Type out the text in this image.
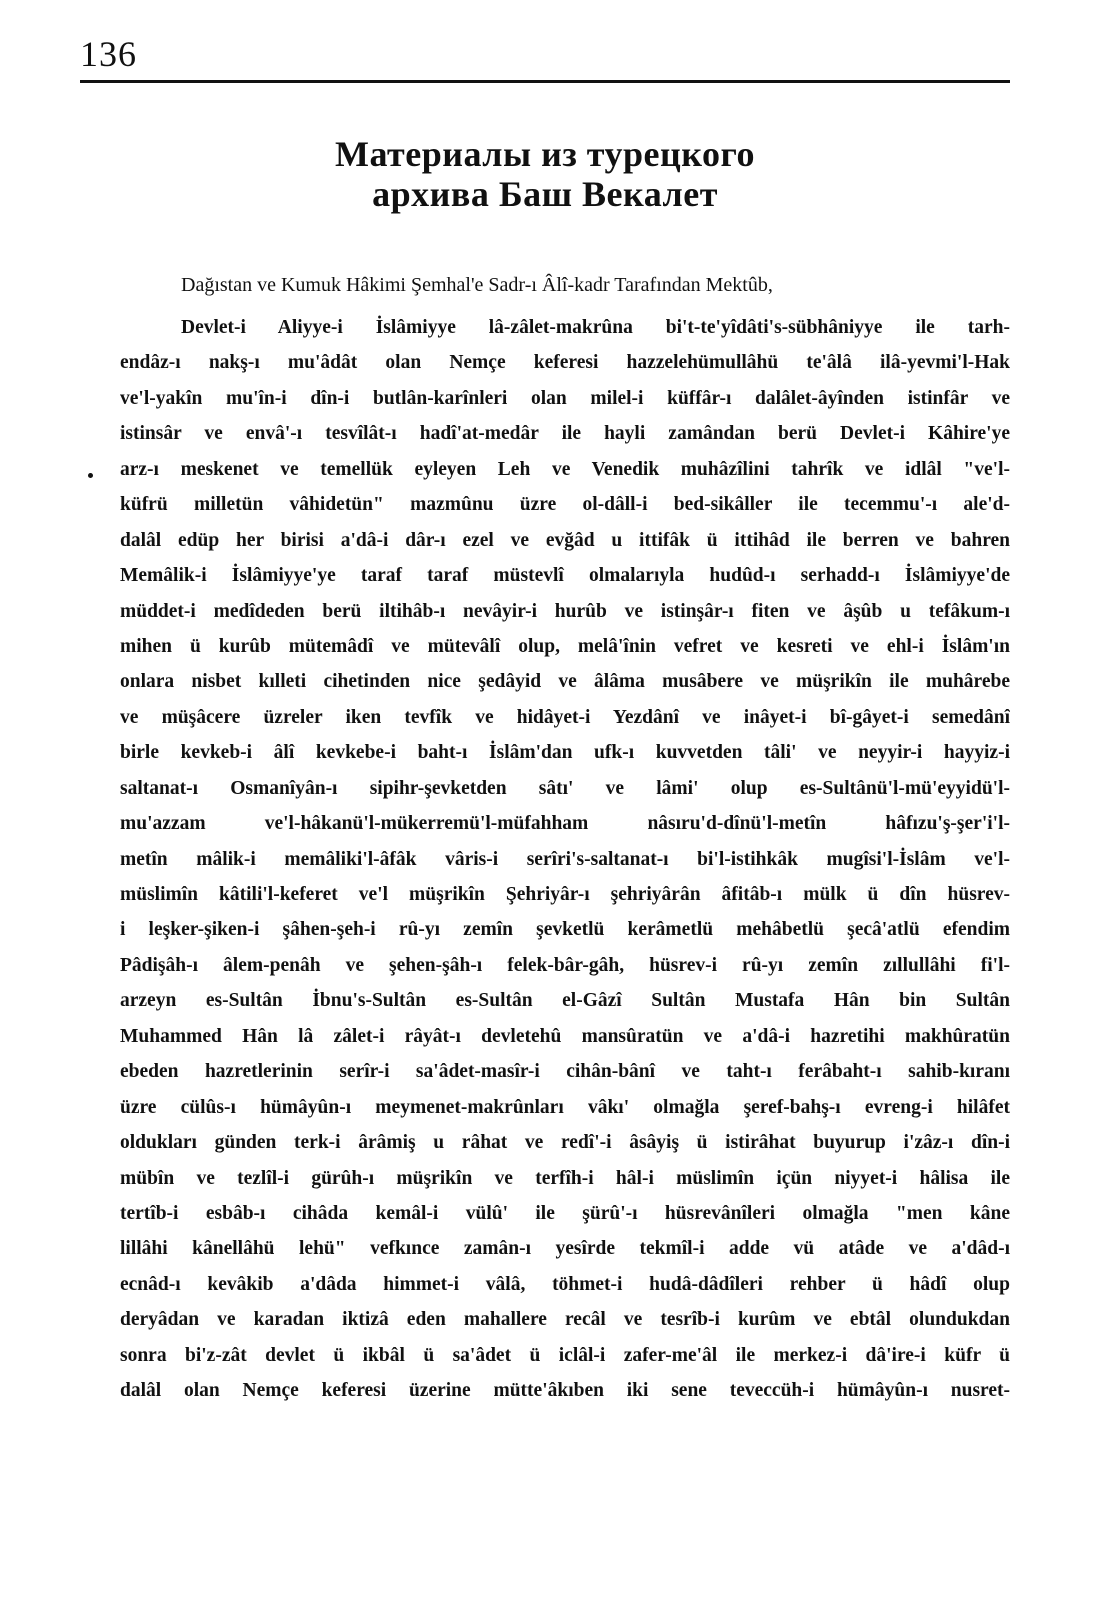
136
Материалы из турецкого
архива Баш Векалет
Dağıstan ve Kumuk Hâkimi Şemhal'e Sadr-ı Âlî-kadr Tarafından Mektûb,
Devlet-i Aliyye-i İslâmiyye lâ-zâlet-makrûna bi't-te'yîdâti's-sübhâniyye ile tarh-
endâz-ı nakş-ı mu'âdât olan Nemçe keferesi hazzelehümullâhü te'âlâ ilâ-yevmi'l-Hak
ve'l-yakîn mu'în-i dîn-i butlân-karînleri olan milel-i küffâr-ı dalâlet-âyînden istinfâr ve
istinsâr ve envâ'-ı tesvîlât-ı hadî'at-medâr ile hayli zamândan berü Devlet-i Kâhire'ye
arz-ı meskenet ve temellük eyleyen Leh ve Venedik muhâzîlini tahrîk ve idlâl "ve'l-
küfrü milletün vâhidetün" mazmûnu üzre ol-dâll-i bed-sikâller ile tecemmu'-ı ale'd-
dalâl edüp her birisi a'dâ-i dâr-ı ezel ve evğâd u ittifâk ü ittihâd ile berren ve bahren
Memâlik-i İslâmiyye'ye taraf taraf müstevlî olmalarıyla hudûd-ı serhadd-ı İslâmiyye'de
müddet-i medîdeden berü iltihâb-ı nevâyir-i hurûb ve istinşâr-ı fiten ve âşûb u tefâkum-ı
mihen ü kurûb mütemâdî ve mütevâlî olup, melâ'înin vefret ve kesreti ve ehl-i İslâm'ın
onlara nisbet kılleti cihetinden nice şedâyid ve âlâma musâbere ve müşrikîn ile muhârebe
ve müşâcere üzreler iken tevfîk ve hidâyet-i Yezdânî ve inâyet-i bî-gâyet-i semedânî
birle kevkeb-i âlî kevkebe-i baht-ı İslâm'dan ufk-ı kuvvetden tâli' ve neyyir-i hayyiz-i
saltanat-ı Osmanîyân-ı sipihr-şevketden sâtı' ve lâmi' olup es-Sultânü'l-mü'eyyidü'l-
mu'azzam ve'l-hâkanü'l-mükerremü'l-müfahham nâsıru'd-dînü'l-metîn hâfızu'ş-şer'i'l-
metîn mâlik-i memâliki'l-âfâk vâris-i serîri's-saltanat-ı bi'l-istihkâk mugîsi'l-İslâm ve'l-
müslimîn kâtili'l-keferet ve'l müşrikîn Şehriyâr-ı şehriyârân âfitâb-ı mülk ü dîn hüsrev-
i leşker-şiken-i şâhen-şeh-i rû-yı zemîn şevketlü kerâmetlü mehâbetlü şecâ'atlü efendim
Pâdişâh-ı âlem-penâh ve şehen-şâh-ı felek-bâr-gâh, hüsrev-i rû-yı zemîn zıllullâhi fi'l-
arzeyn es-Sultân İbnu's-Sultân es-Sultân el-Gâzî Sultân Mustafa Hân bin Sultân
Muhammed Hân lâ zâlet-i râyât-ı devletehû mansûratün ve a'dâ-i hazretihi makhûratün
ebeden hazretlerinin serîr-i sa'âdet-masîr-i cihân-bânî ve taht-ı ferâbaht-ı sahib-kıranı
üzre cülûs-ı hümâyûn-ı meymenet-makrûnları vâkı' olmağla şeref-bahş-ı evreng-i hilâfet
oldukları günden terk-i ârâmiş u râhat ve redî'-i âsâyiş ü istirâhat buyurup i'zâz-ı dîn-i
mübîn ve tezlîl-i gürûh-ı müşrikîn ve terfîh-i hâl-i müslimîn içün niyyet-i hâlisa ile
tertîb-i esbâb-ı cihâda kemâl-i vülû' ile şürû'-ı hüsrevânîleri olmağla "men kâne
lillâhi kânellâhü lehü" vefkınce zamân-ı yesîrde tekmîl-i adde vü atâde ve a'dâd-ı
ecnâd-ı kevâkib a'dâda himmet-i vâlâ, töhmet-i hudâ-dâdîleri rehber ü hâdî olup
deryâdan ve karadan iktizâ eden mahallere recâl ve tesrîb-i kurûm ve ebtâl olundukdan
sonra bi'z-zât devlet ü ikbâl ü sa'âdet ü iclâl-i zafer-me'âl ile merkez-i dâ'ire-i küfr ü
dalâl olan Nemçe keferesi üzerine mütte'âkıben iki sene teveccüh-i hümâyûn-ı nusret-
